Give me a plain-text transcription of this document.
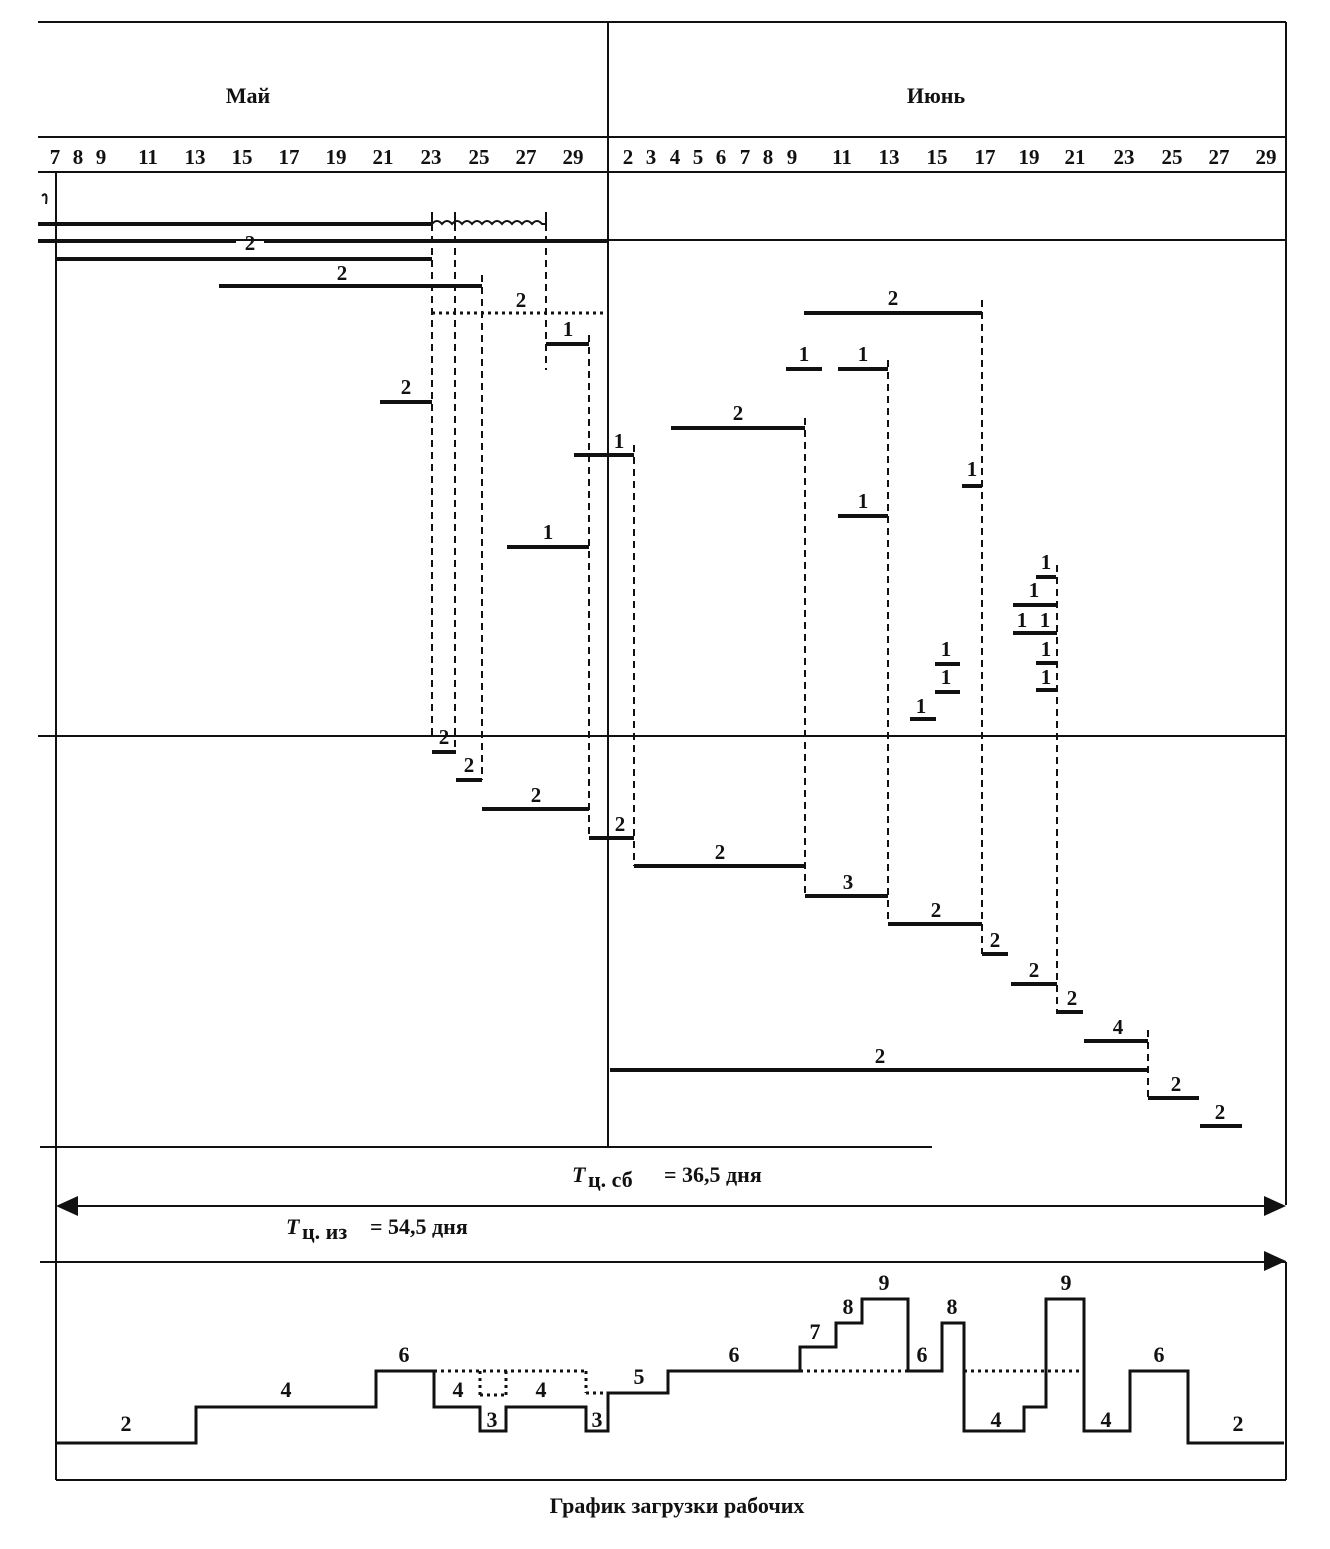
Май	Июнь
7 8 9 11 13 15 17 19 21 23 25 27 29 2 3 4 5 6 7 8 9 11 13 15 17 19 21 23 25 27 29
2
2
2
1
2
1
1
2
1 1
2
1
1
1
1
1 1
1
1
1
1
1
2
2
2
2
2
3
2
2
2
2
4
2
2
2
T ц. сб = 36,5 дня
T ц. из = 54,5 дня
2
4
6
4
3
4
3
5
6
7
8
9
6
8
4
9
4
6
2
График загрузки рабочих
